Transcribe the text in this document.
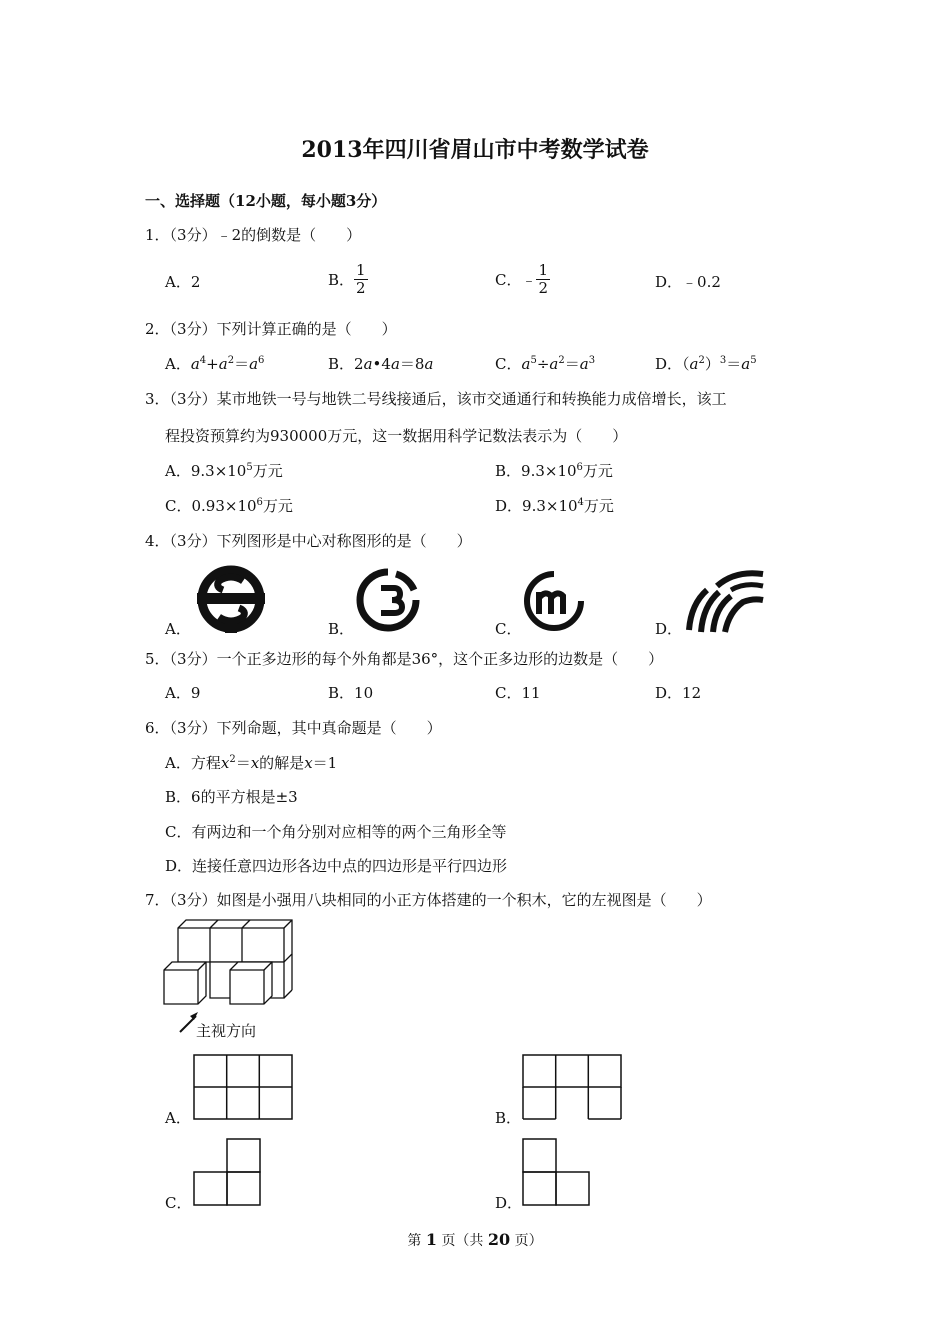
2013年四川省眉山市中考数学试卷
一、选择题（12小题，每小题3分）
1．（3分）﹣2的倒数是（　　）
A．2	B． $\frac{1}{2}$	C．﹣ $\frac{1}{2}$	D．﹣0.2
2．（3分）下列计算正确的是（　　）
A．$a^4+a^2=a^6$	B．2a•4a＝8a	C．$a^5\div a^2=a^3$	D．$(a^2)^3=a^5$
3．（3分）某市地铁一号与地铁二号线接通后，该市交通通行和转换能力成倍增长，该工
程投资预算约为930000万元，这一数据用科学记数法表示为（　　）
A．$9.3\times 10^5$万元	B．$9.3\times 10^6$万元
C．$0.93\times 10^6$万元	D．$9.3\times 10^4$万元
4．（3分）下列图形是中心对称图形的是（　　）
A．	B．	C．	D．
5．（3分）一个正多边形的每个外角都是36°，这个正多边形的边数是（　　）
A．9	B．10	C．11	D．12
6．（3分）下列命题，其中真命题是（　　）
A．方程$x^2=x$的解是x＝1
B．6的平方根是±3
C．有两边和一个角分别对应相等的两个三角形全等
D．连接任意四边形各边中点的四边形是平行四边形
7．（3分）如图是小强用八块相同的小正方体搭建的一个积木，它的左视图是（　　）
主视方向
A．	B．
C．	D．
第 1 页（共 20 页）
